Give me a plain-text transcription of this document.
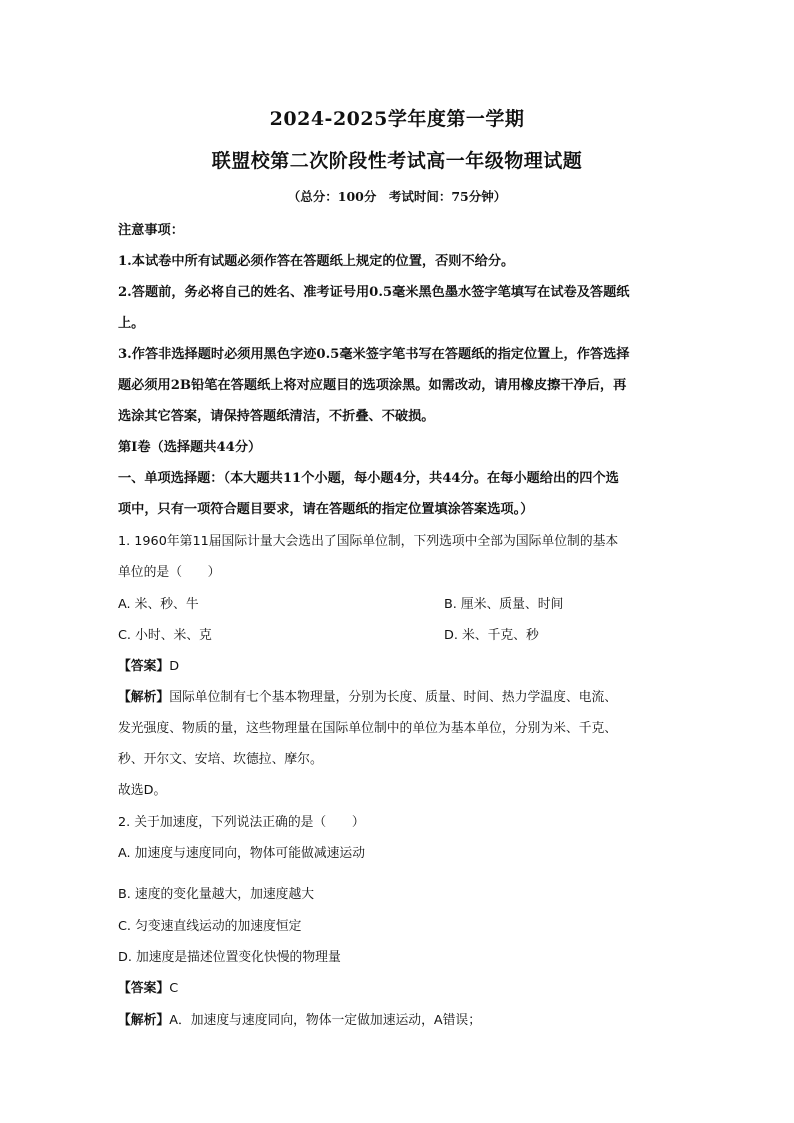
2024-2025学年度第一学期
联盟校第二次阶段性考试高一年级物理试题
（总分：100分　考试时间：75分钟）
注意事项：
1.本试卷中所有试题必须作答在答题纸上规定的位置，否则不给分。
2.答题前，务必将自己的姓名、准考证号用0.5毫米黑色墨水签字笔填写在试卷及答题纸
上。
3.作答非选择题时必须用黑色字迹0.5毫米签字笔书写在答题纸的指定位置上，作答选择
题必须用2B铅笔在答题纸上将对应题目的选项涂黑。如需改动，请用橡皮擦干净后，再
选涂其它答案，请保持答题纸清洁，不折叠、不破损。
第Ⅰ卷（选择题共44分）
一、单项选择题：（本大题共11个小题，每小题4分，共44分。在每小题给出的四个选
项中，只有一项符合题目要求，请在答题纸的指定位置填涂答案选项。）
1. 1960年第11届国际计量大会选出了国际单位制，下列选项中全部为国际单位制的基本
单位的是（　　）
A. 米、秒、牛	B. 厘米、质量、时间
C. 小时、米、克	D. 米、千克、秒
【答案】D
【解析】国际单位制有七个基本物理量，分别为长度、质量、时间、热力学温度、电流、
发光强度、物质的量，这些物理量在国际单位制中的单位为基本单位，分别为米、千克、
秒、开尔文、安培、坎德拉、摩尔。
故选D。
2. 关于加速度，下列说法正确的是（　　）
A. 加速度与速度同向，物体可能做减速运动
B. 速度的变化量越大，加速度越大
C. 匀变速直线运动的加速度恒定
D. 加速度是描述位置变化快慢的物理量
【答案】C
【解析】A．加速度与速度同向，物体一定做加速运动，A错误；
